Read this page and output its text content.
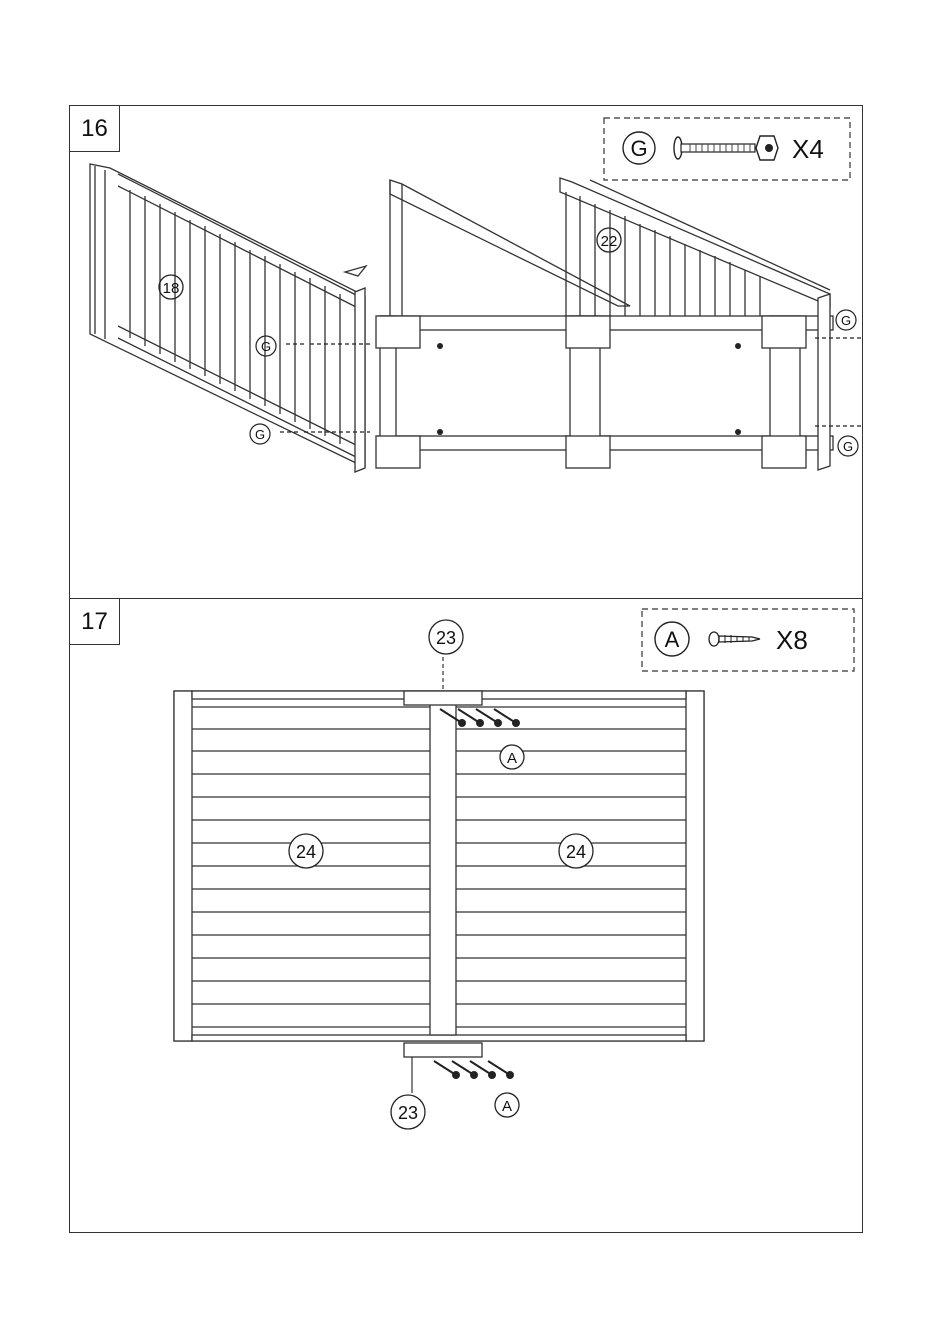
16
G	X4
18
22
G
G
G
G
17
A	X8
23
23
24	24
A
A
